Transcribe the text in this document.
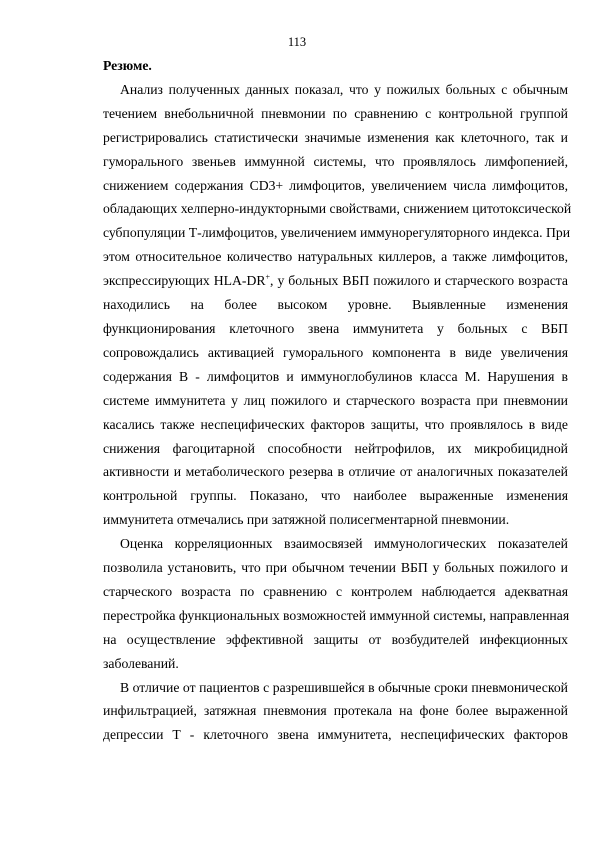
113

Резюме.

Анализ полученных данных показал, что у пожилых больных с обычным
течением внебольничной пневмонии по сравнению с контрольной группой
регистрировались статистически значимые изменения как клеточного, так и
гуморального звеньев иммунной системы, что проявлялось лимфопенией,
снижением содержания CD3+ лимфоцитов, увеличением числа лимфоцитов,
обладающих хелперно-индукторными свойствами, снижением цитотоксической
субпопуляции Т-лимфоцитов, увеличением иммунорегуляторного индекса. При
этом относительное количество натуральных киллеров, а также лимфоцитов,
экспрессирующих HLA-DR+, у больных ВБП пожилого и старческого возраста
находились на более высоком уровне. Выявленные изменения
функционирования клеточного звена иммунитета у больных с ВБП
сопровождались активацией гуморального компонента в виде увеличения
содержания В - лимфоцитов и иммуноглобулинов класса М. Нарушения в
системе иммунитета у лиц пожилого и старческого возраста при пневмонии
касались также неспецифических факторов защиты, что проявлялось в виде
снижения фагоцитарной способности нейтрофилов, их микробицидной
активности и метаболического резерва в отличие от аналогичных показателей
контрольной группы. Показано, что наиболее выраженные изменения
иммунитета отмечались при затяжной полисегментарной пневмонии.
Оценка корреляционных взаимосвязей иммунологических показателей
позволила установить, что при обычном течении ВБП у больных пожилого и
старческого возраста по сравнению с контролем наблюдается адекватная
перестройка функциональных возможностей иммунной системы, направленная
на осуществление эффективной защиты от возбудителей инфекционных
заболеваний.
В отличие от пациентов с разрешившейся в обычные сроки пневмонической
инфильтрацией, затяжная пневмония протекала на фоне более выраженной
депрессии Т - клеточного звена иммунитета, неспецифических факторов
